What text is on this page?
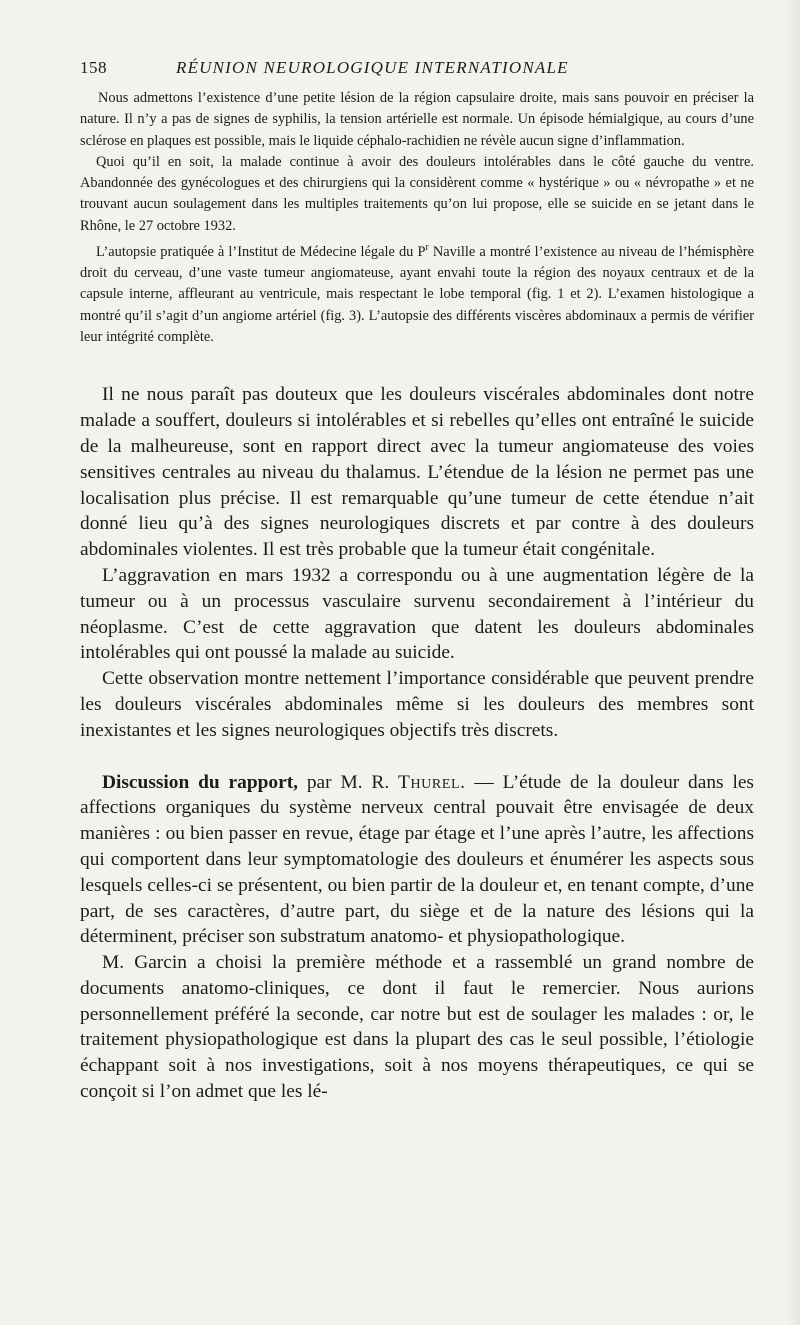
158	RÉUNION NEUROLOGIQUE INTERNATIONALE

Nous admettons l’existence d’une petite lésion de la région capsulaire droite, mais sans pouvoir en préciser la nature. Il n’y a pas de signes de syphilis, la tension artérielle est normale. Un épisode hémialgique, au cours d’une sclérose en plaques est possible, mais le liquide céphalo-rachidien ne révèle aucun signe d’inflammation.

Quoi qu’il en soit, la malade continue à avoir des douleurs intolérables dans le côté gauche du ventre. Abandonnée des gynécologues et des chirurgiens qui la considèrent comme « hystérique » ou « névropathe » et ne trouvant aucun soulagement dans les multiples traitements qu’on lui propose, elle se suicide en se jetant dans le Rhône, le 27 octobre 1932.

L’autopsie pratiquée à l’Institut de Médecine légale du $P^r$ Naville a montré l’existence au niveau de l’hémisphère droit du cerveau, d’une vaste tumeur angiomateuse, ayant envahi toute la région des noyaux centraux et de la capsule interne, affleurant au ventricule, mais respectant le lobe temporal (fig. 1 et 2). L’examen histologique a montré qu’il s’agit d’un angiome artériel (fig. 3). L’autopsie des différents viscères abdominaux a permis de vérifier leur intégrité complète.

Il ne nous paraît pas douteux que les douleurs viscérales abdominales dont notre malade a souffert, douleurs si intolérables et si rebelles qu’elles ont entraîné le suicide de la malheureuse, sont en rapport direct avec la tumeur angiomateuse des voies sensitives centrales au niveau du thalamus. L’étendue de la lésion ne permet pas une localisation plus précise. Il est remarquable qu’une tumeur de cette étendue n’ait donné lieu qu’à des signes neurologiques discrets et par contre à des douleurs abdominales violentes. Il est très probable que la tumeur était congénitale.

L’aggravation en mars 1932 a correspondu ou à une augmentation légère de la tumeur ou à un processus vasculaire survenu secondairement à l’intérieur du néoplasme. C’est de cette aggravation que datent les douleurs abdominales intolérables qui ont poussé la malade au suicide.

Cette observation montre nettement l’importance considérable que peuvent prendre les douleurs viscérales abdominales même si les douleurs des membres sont inexistantes et les signes neurologiques objectifs très discrets.

Discussion du rapport, par M. R. Thurel. — L’étude de la douleur dans les affections organiques du système nerveux central pouvait être envisagée de deux manières : ou bien passer en revue, étage par étage et l’une après l’autre, les affections qui comportent dans leur symptomatologie des douleurs et énumérer les aspects sous lesquels celles-ci se présentent, ou bien partir de la douleur et, en tenant compte, d’une part, de ses caractères, d’autre part, du siège et de la nature des lésions qui la déterminent, préciser son substratum anatomo- et physiopathologique.

M. Garcin a choisi la première méthode et a rassemblé un grand nombre de documents anatomo-cliniques, ce dont il faut le remercier. Nous aurions personnellement préféré la seconde, car notre but est de soulager les malades : or, le traitement physiopathologique est dans la plupart des cas le seul possible, l’étiologie échappant soit à nos investigations, soit à nos moyens thérapeutiques, ce qui se conçoit si l’on admet que les lé-
